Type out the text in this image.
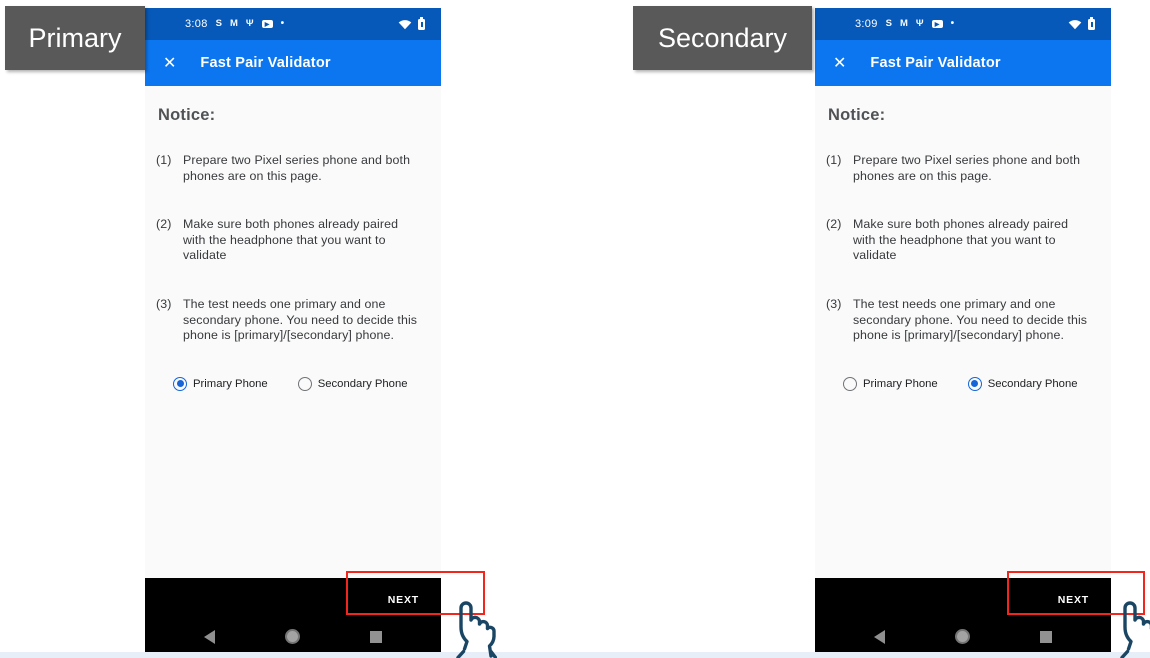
3:08 S M Ψ	▶	•
✕ Fast Pair Validator
Notice:
(1) Prepare two Pixel series phone and both phones are on this page.
(2) Make sure both phones already paired with the headphone that you want to validate
(3) The test needs one primary and one secondary phone. You need to decide this phone is [primary]/[secondary] phone.
Primary Phone	Secondary Phone
NEXT
3:09 S M Ψ	▶	•
✕ Fast Pair Validator
Notice:
(1) Prepare two Pixel series phone and both phones are on this page.
(2) Make sure both phones already paired with the headphone that you want to validate
(3) The test needs one primary and one secondary phone. You need to decide this phone is [primary]/[secondary] phone.
Primary Phone	Secondary Phone
NEXT
Primary	Secondary
